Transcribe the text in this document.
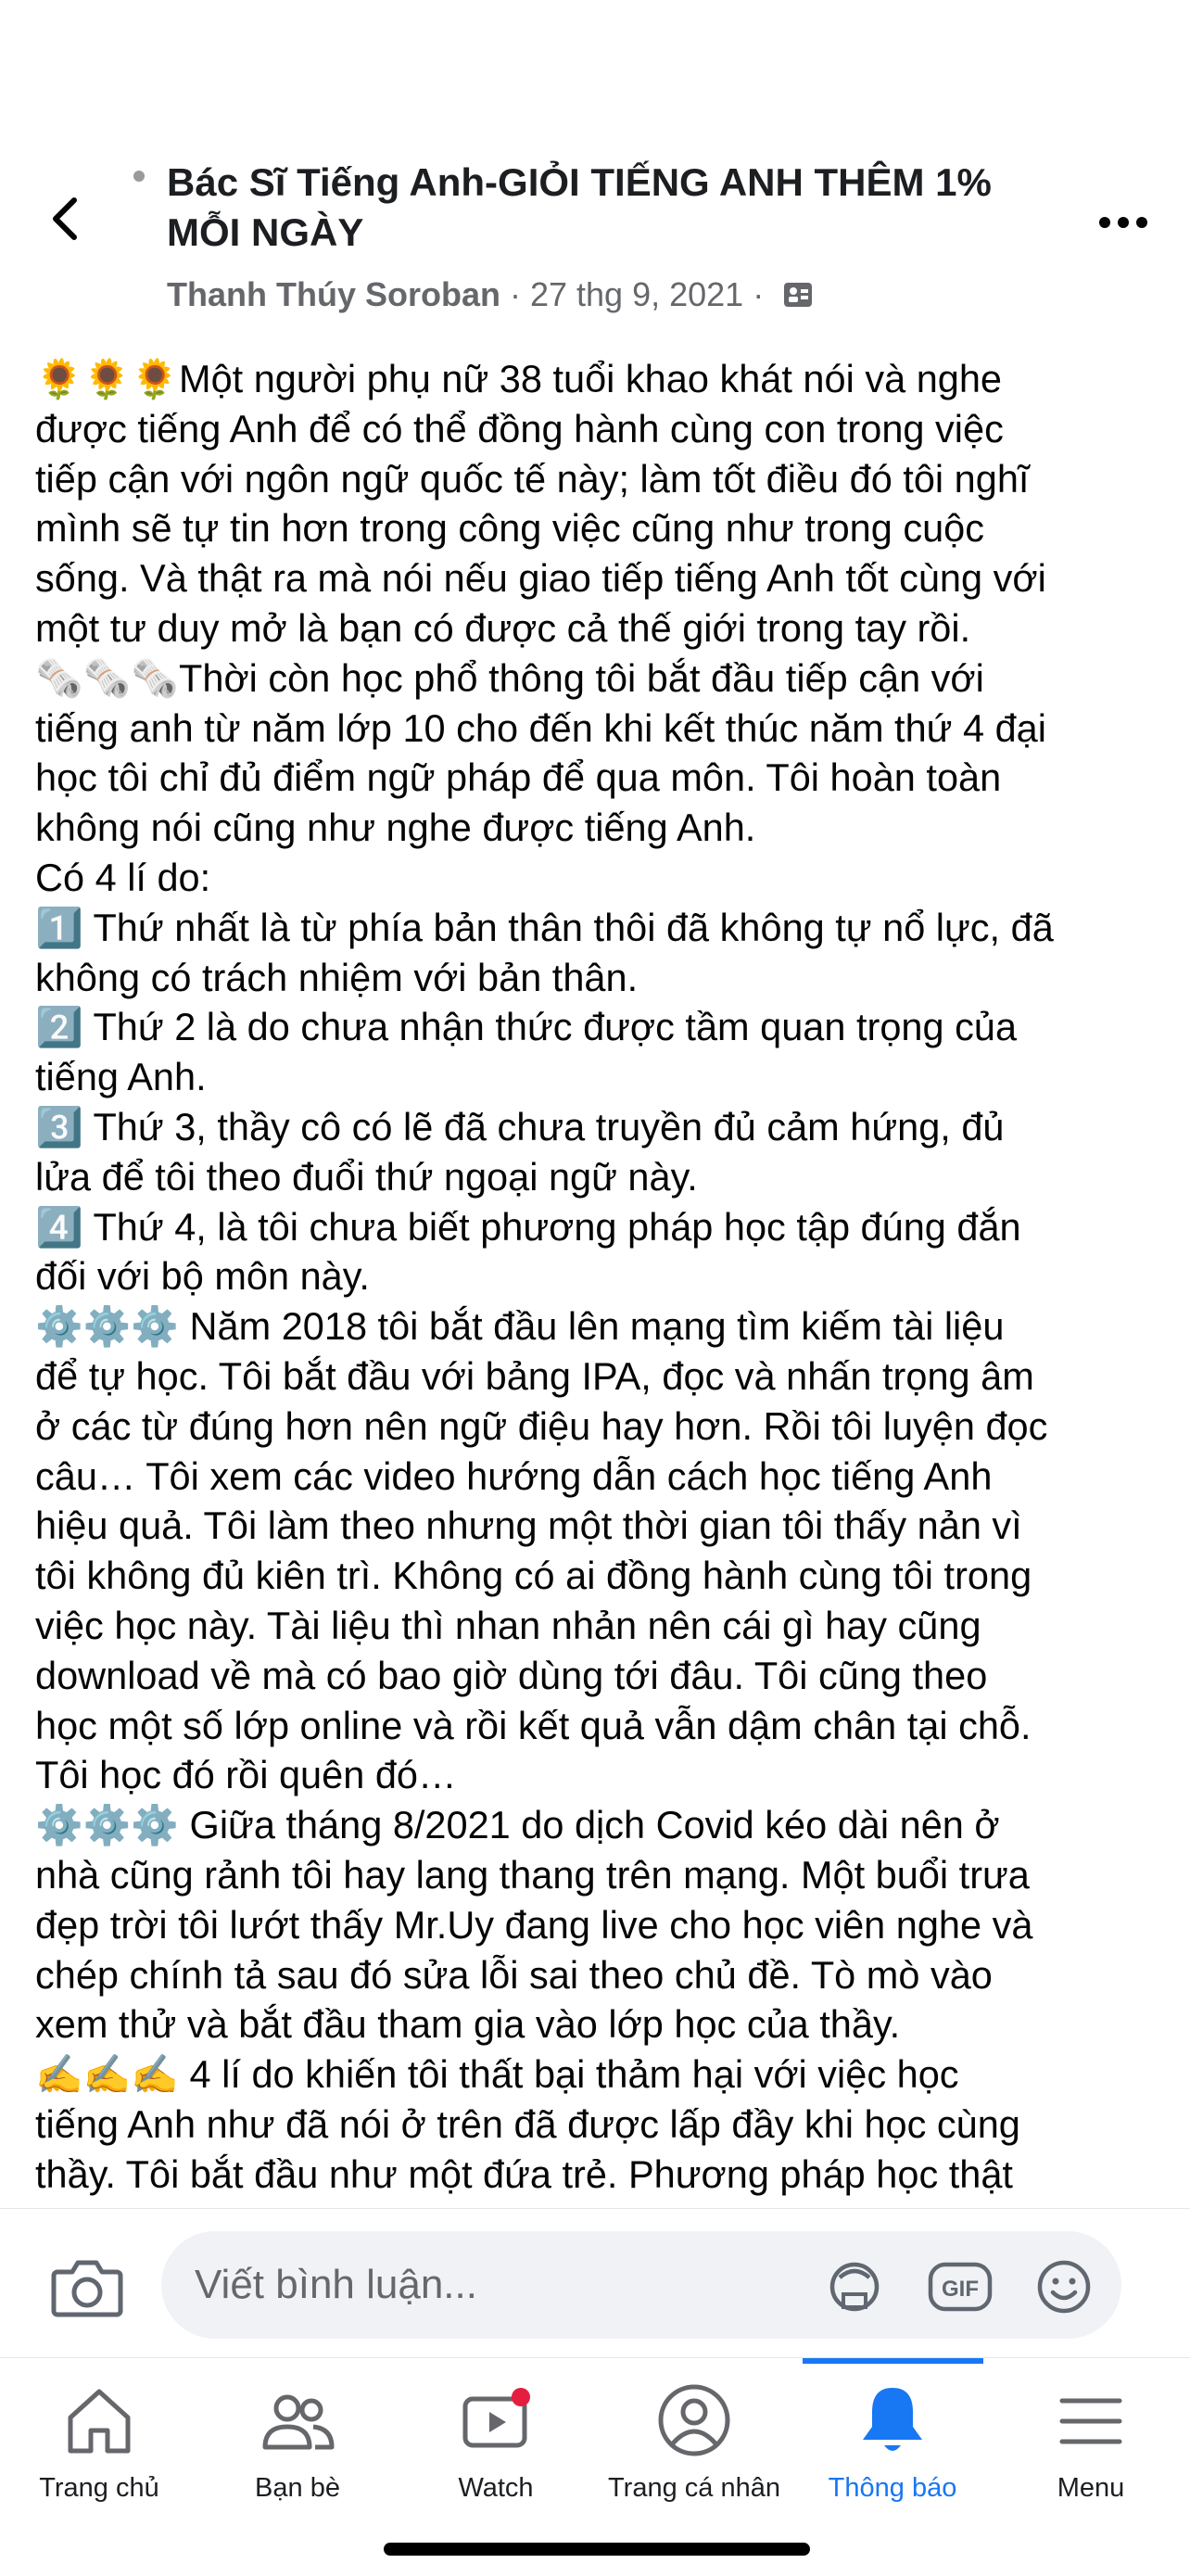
Bác Sĩ Tiếng Anh-GIỎI TIẾNG ANH THÊM 1% MỖI NGÀY
Thanh Thúy Soroban · 27 thg 9, 2021 ·

🌻🌻🌻Một người phụ nữ 38 tuổi khao khát nói và nghe

được tiếng Anh để có thể đồng hành cùng con trong việc

tiếp cận với ngôn ngữ quốc tế này; làm tốt điều đó tôi nghĩ

mình sẽ tự tin hơn trong công việc cũng như trong cuộc

sống. Và thật ra mà nói nếu giao tiếp tiếng Anh tốt cùng với

một tư duy mở là bạn có được cả thế giới trong tay rồi.

🗞️🗞️🗞️Thời còn học phổ thông tôi bắt đầu tiếp cận với

tiếng anh từ năm lớp 10 cho đến khi kết thúc năm thứ 4 đại

học tôi chỉ đủ điểm ngữ pháp để qua môn. Tôi hoàn toàn

không nói cũng như nghe được tiếng Anh.

Có 4 lí do:

1️⃣ Thứ nhất là từ phía bản thân thôi đã không tự nổ lực, đã

không có trách nhiệm với bản thân.

2️⃣ Thứ 2 là do chưa nhận thức được tầm quan trọng của

tiếng Anh.

3️⃣ Thứ 3, thầy cô có lẽ đã chưa truyền đủ cảm hứng, đủ

lửa để tôi theo đuổi thứ ngoại ngữ này.

4️⃣ Thứ 4, là tôi chưa biết phương pháp học tập đúng đắn

đối với bộ môn này.

⚙️⚙️⚙️ Năm 2018 tôi bắt đầu lên mạng tìm kiếm tài liệu

để tự học. Tôi bắt đầu với bảng IPA, đọc và nhấn trọng âm

ở các từ đúng hơn nên ngữ điệu hay hơn. Rồi tôi luyện đọc

câu… Tôi xem các video hướng dẫn cách học tiếng Anh

hiệu quả. Tôi làm theo nhưng một thời gian tôi thấy nản vì

tôi không đủ kiên trì. Không có ai đồng hành cùng tôi trong

việc học này. Tài liệu thì nhan nhản nên cái gì hay cũng

download về mà có bao giờ dùng tới đâu. Tôi cũng theo

học một số lớp online và rồi kết quả vẫn dậm chân tại chỗ.

Tôi học đó rồi quên đó…

⚙️⚙️⚙️ Giữa tháng 8/2021 do dịch Covid kéo dài nên ở

nhà cũng rảnh tôi hay lang thang trên mạng. Một buổi trưa

đẹp trời tôi lướt thấy Mr.Uy đang live cho học viên nghe và

chép chính tả sau đó sửa lỗi sai theo chủ đề. Tò mò vào

xem thử và bắt đầu tham gia vào lớp học của thầy.

✍️✍️✍️ 4 lí do khiến tôi thất bại thảm hại với việc học

tiếng Anh như đã nói ở trên đã được lấp đầy khi học cùng

thầy. Tôi bắt đầu như một đứa trẻ. Phương pháp học thật

Viết bình luận...	GIF
Trang chủ	Bạn bè	Watch	Trang cá nhân	Thông báo	Menu
